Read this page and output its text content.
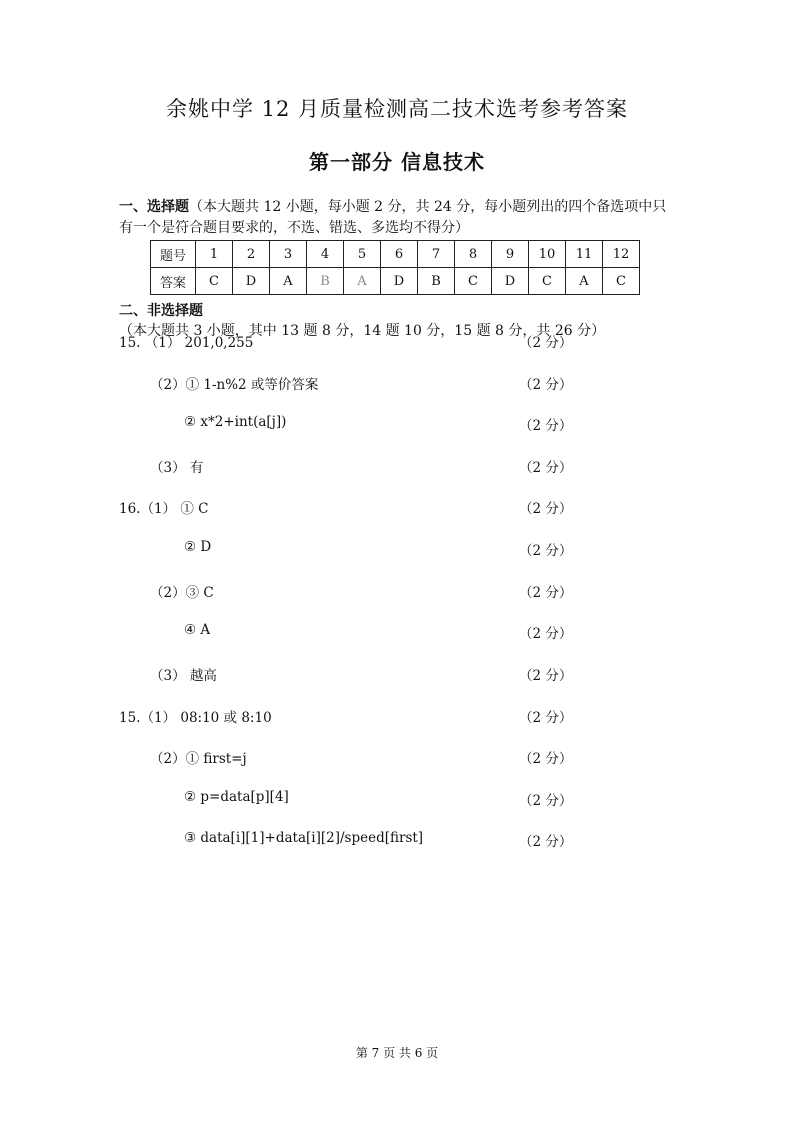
余姚中学 12 月质量检测高二技术选考参考答案
第一部分 信息技术
一、选择题（本大题共 12 小题，每小题 2 分，共 24 分，每小题列出的四个备选项中只有一个是符合题目要求的，不选、错选、多选均不得分）
题号	1	2	3	4	5	6	7	8	9	10	11	12
答案	C	D	A	B	A	D	B	C	D	C	A	C
二、非选择题（本大题共 3 小题，其中 13 题 8 分，14 题 10 分，15 题 8 分，共 26 分）
15. （1） 201,0,255	（2 分）
（2）① 1-n%2 或等价答案	（2 分）
② x*2+int(a[j])	（2 分）
（3） 有	（2 分）
16.（1） ① C	（2 分）
② D	（2 分）
（2）③ C	（2 分）
④ A	（2 分）
（3） 越高	（2 分）
15.（1） 08:10 或 8:10	（2 分）
（2）① first=j	（2 分）
② p=data[p][4]	（2 分）
③ data[i][1]+data[i][2]/speed[first]	（2 分）
第 7 页 共 6 页
